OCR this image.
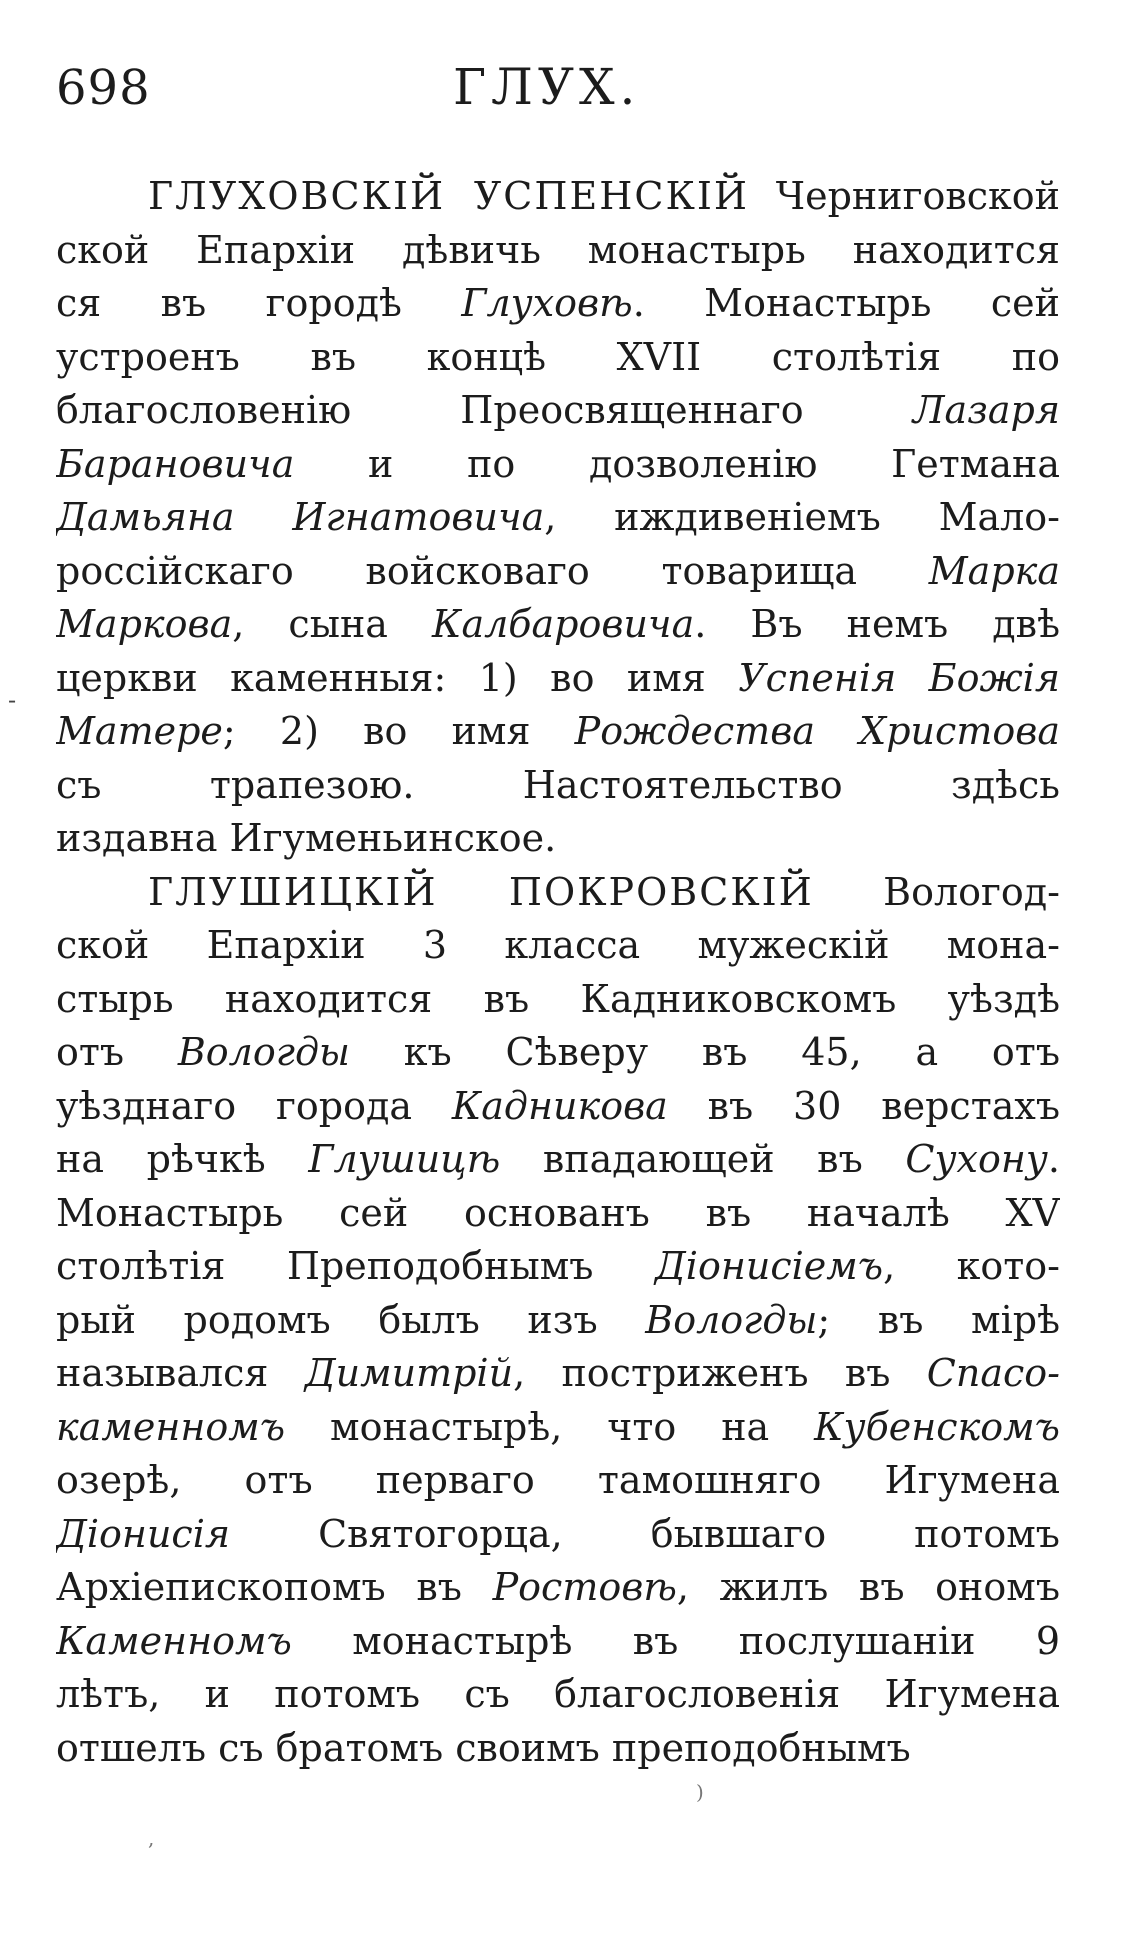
698	ГЛУХ.
-
ГЛУХОВСКІЙ УСПЕНСКІЙ Черниговской
ской Епархіи дѣвичь монастырь находится
ся въ городѣ Глуховѣ. Монастырь сей
устроенъ въ концѣ XVII столѣтія по
благословенію Преосвященнаго Лазаря
Барановича и по дозволенію Гетмана
Дамьяна Игнатовича, иждивеніемъ Мало-
россійскаго войсковаго товарища Марка
Маркова, сына Калбаровича. Въ немъ двѣ
церкви каменныя: 1) во имя Успенія Божія
Матере; 2) во имя Рождества Христова
съ трапезою. Настоятельство здѣсь
издавна Игуменьинское.
ГЛУШИЦКІЙ ПОКРОВСКІЙ Вологод-
ской Епархіи 3 класса мужескій мона-
стырь находится въ Кадниковскомъ уѣздѣ
отъ Вологды къ Сѣверу въ 45, а отъ
уѣзднаго города Кадникова въ 30 верстахъ
на рѣчкѣ Глушицѣ впадающей въ Сухону.
Монастырь сей основанъ въ началѣ XV
столѣтія Преподобнымъ Діонисіемъ, кото-
рый родомъ былъ изъ Вологды; въ мірѣ
назывался Димитрій, постриженъ въ Спасо-
каменномъ монастырѣ, что на Кубенскомъ
озерѣ, отъ перваго тамошняго Игумена
Діонисія Святогорца, бывшаго потомъ
Архіепископомъ въ Ростовѣ, жилъ въ ономъ
Каменномъ монастырѣ въ послушаніи 9
лѣтъ, и потомъ съ благословенія Игумена
отшелъ съ братомъ своимъ преподобнымъ
)
,
